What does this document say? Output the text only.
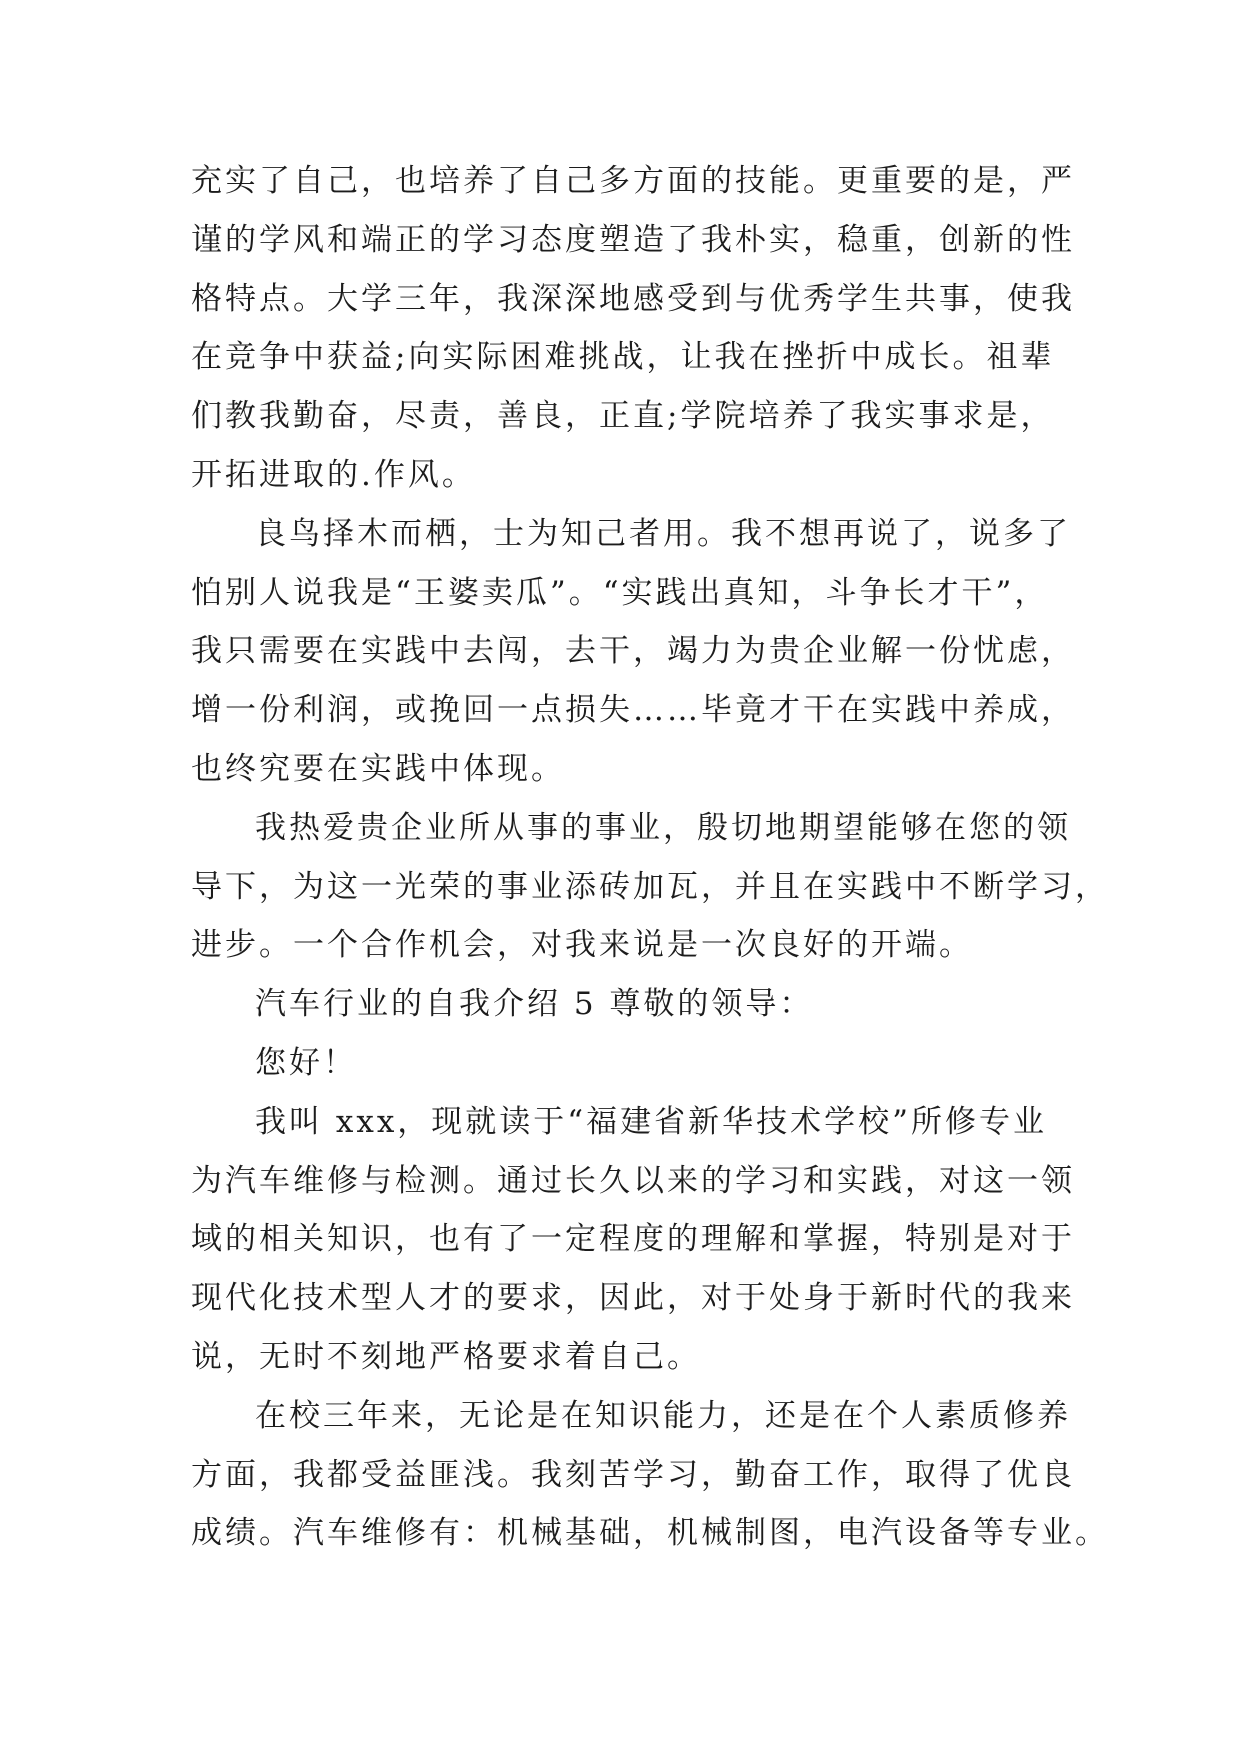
充实了自己，也培养了自己多方面的技能。更重要的是，严
谨的学风和端正的学习态度塑造了我朴实，稳重，创新的性
格特点。大学三年，我深深地感受到与优秀学生共事，使我
在竞争中获益;向实际困难挑战，让我在挫折中成长。祖辈
们教我勤奋，尽责，善良，正直;学院培养了我实事求是，
开拓进取的.作风。
良鸟择木而栖，士为知己者用。我不想再说了，说多了
怕别人说我是“王婆卖瓜”。“实践出真知，斗争长才干”，
我只需要在实践中去闯，去干，竭力为贵企业解一份忧虑，
增一份利润，或挽回一点损失……毕竟才干在实践中养成，
也终究要在实践中体现。
我热爱贵企业所从事的事业，殷切地期望能够在您的领
导下，为这一光荣的事业添砖加瓦，并且在实践中不断学习，
进步。一个合作机会，对我来说是一次良好的开端。
汽车行业的自我介绍 5 尊敬的领导：
您好！
我叫 xxx，现就读于“福建省新华技术学校”所修专业
为汽车维修与检测。通过长久以来的学习和实践，对这一领
域的相关知识，也有了一定程度的理解和掌握，特别是对于
现代化技术型人才的要求，因此，对于处身于新时代的我来
说，无时不刻地严格要求着自己。
在校三年来，无论是在知识能力，还是在个人素质修养
方面，我都受益匪浅。我刻苦学习，勤奋工作，取得了优良
成绩。汽车维修有：机械基础，机械制图，电汽设备等专业。
